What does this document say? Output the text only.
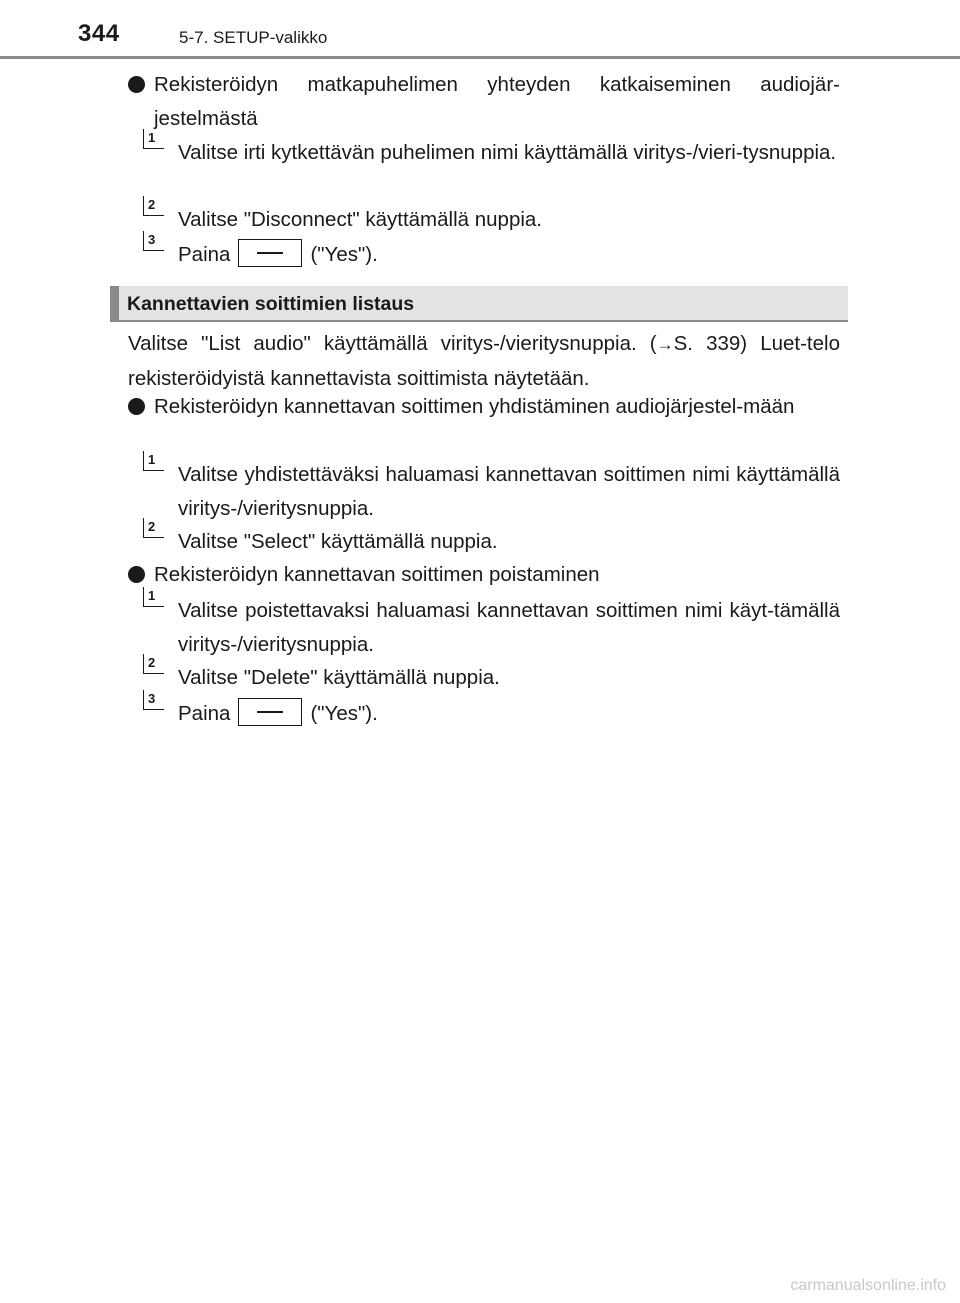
344	5-7. SETUP-valikko
Rekisteröidyn matkapuhelimen yhteyden katkaiseminen audiojär-jestelmästä
1
Valitse irti kytkettävän puhelimen nimi käyttämällä viritys-/vieri-tysnuppia.
2
Valitse "Disconnect" käyttämällä nuppia.
3
Paina	("Yes").
Kannettavien soittimien listaus
Valitse "List audio" käyttämällä viritys-/vieritysnuppia. (→S. 339) Luet-telo rekisteröidyistä kannettavista soittimista näytetään.
Rekisteröidyn kannettavan soittimen yhdistäminen audiojärjestel-mään
1
Valitse yhdistettäväksi haluamasi kannettavan soittimen nimi käyttämällä viritys-/vieritysnuppia.
2
Valitse "Select" käyttämällä nuppia.
Rekisteröidyn kannettavan soittimen poistaminen
1
Valitse poistettavaksi haluamasi kannettavan soittimen nimi käyt-tämällä viritys-/vieritysnuppia.
2
Valitse "Delete" käyttämällä nuppia.
3
Paina	("Yes").
carmanualsonline.info
